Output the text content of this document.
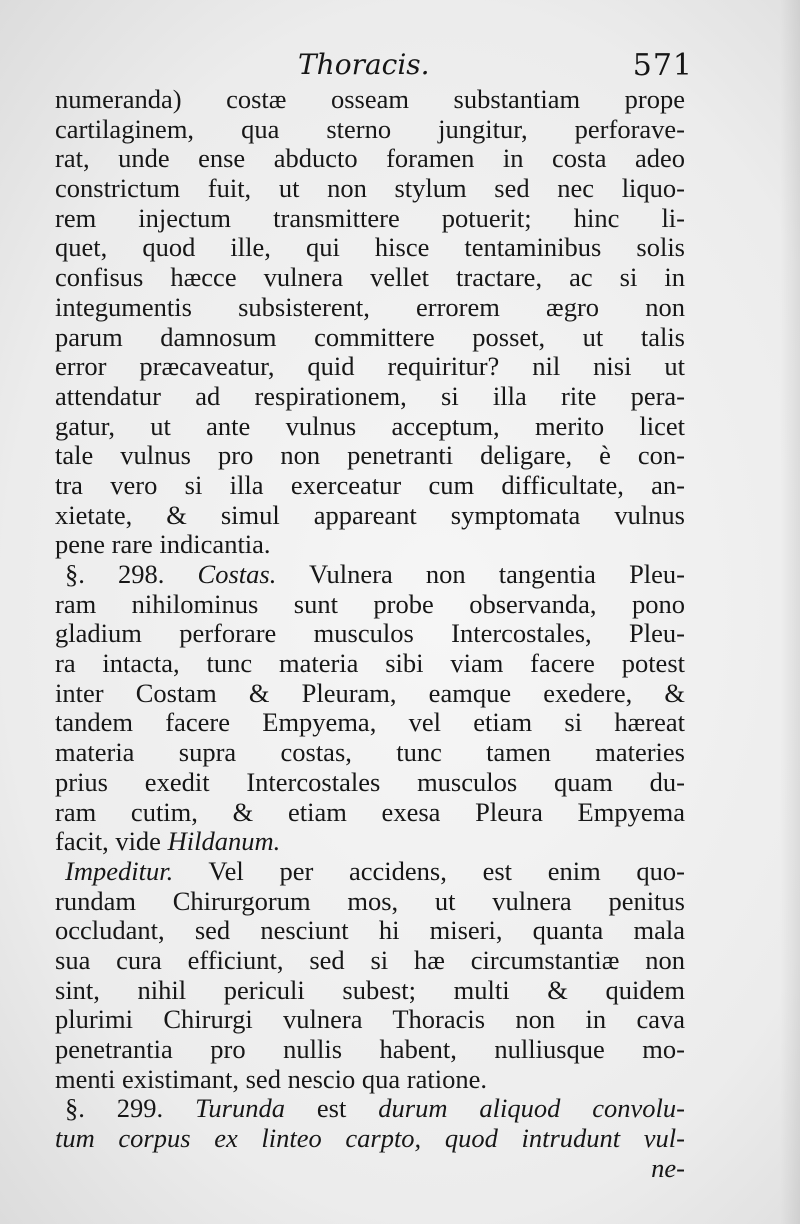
Thoracis.	571
numeranda) costæ osseam substantiam prope
cartilaginem, qua sterno jungitur, perforave-
rat, unde ense abducto foramen in costa adeo
constrictum fuit, ut non stylum sed nec liquo-
rem injectum transmittere potuerit; hinc li-
quet, quod ille, qui hisce tentaminibus solis
confisus hæcce vulnera vellet tractare, ac si in
integumentis subsisterent, errorem ægro non
parum damnosum committere posset, ut talis
error præcaveatur, quid requiritur? nil nisi ut
attendatur ad respirationem, si illa rite pera-
gatur, ut ante vulnus acceptum, merito licet
tale vulnus pro non penetranti deligare, è con-
tra vero si illa exerceatur cum difficultate, an-
xietate, & simul appareant symptomata vulnus
pene rare indicantia.
§. 298. Costas. Vulnera non tangentia Pleu-
ram nihilominus sunt probe observanda, pono
gladium perforare musculos Intercostales, Pleu-
ra intacta, tunc materia sibi viam facere potest
inter Costam & Pleuram, eamque exedere, &
tandem facere Empyema, vel etiam si hæreat
materia supra costas, tunc tamen materies
prius exedit Intercostales musculos quam du-
ram cutim, & etiam exesa Pleura Empyema
facit, vide Hildanum.
Impeditur. Vel per accidens, est enim quo-
rundam Chirurgorum mos, ut vulnera penitus
occludant, sed nesciunt hi miseri, quanta mala
sua cura efficiunt, sed si hæ circumstantiæ non
sint, nihil periculi subest; multi & quidem
plurimi Chirurgi vulnera Thoracis non in cava
penetrantia pro nullis habent, nulliusque mo-
menti existimant, sed nescio qua ratione.
§. 299. Turunda est durum aliquod convolu-
tum corpus ex linteo carpto, quod intrudunt vul-
ne-
